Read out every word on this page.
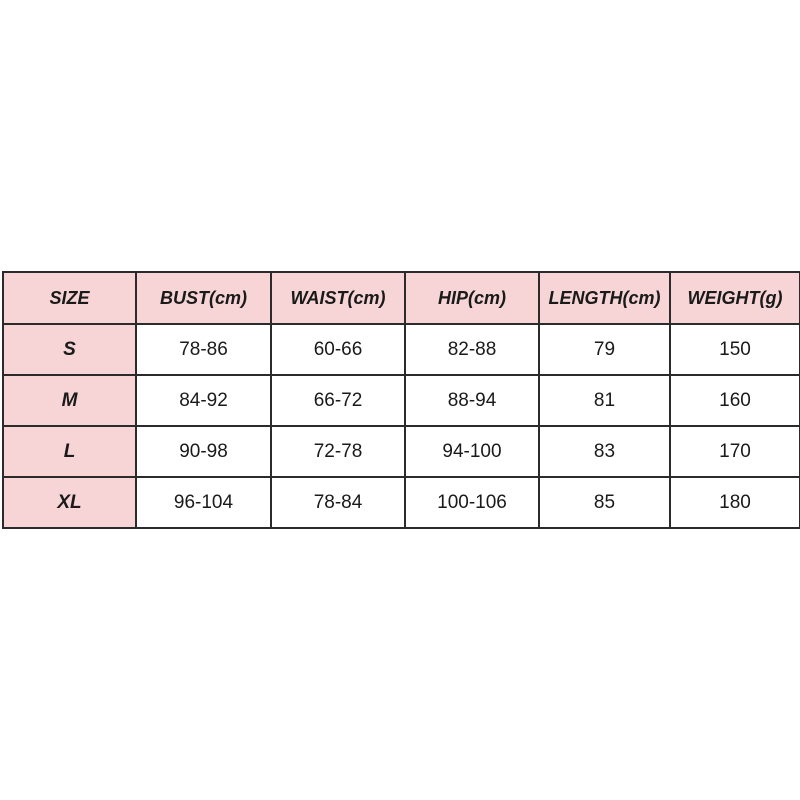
SIZE	BUST(cm)	WAIST(cm)	HIP(cm)	LENGTH(cm)	WEIGHT(g)
S	78-86	60-66	82-88	79	150
M	84-92	66-72	88-94	81	160
L	90-98	72-78	94-100	83	170
XL	96-104	78-84	100-106	85	180
